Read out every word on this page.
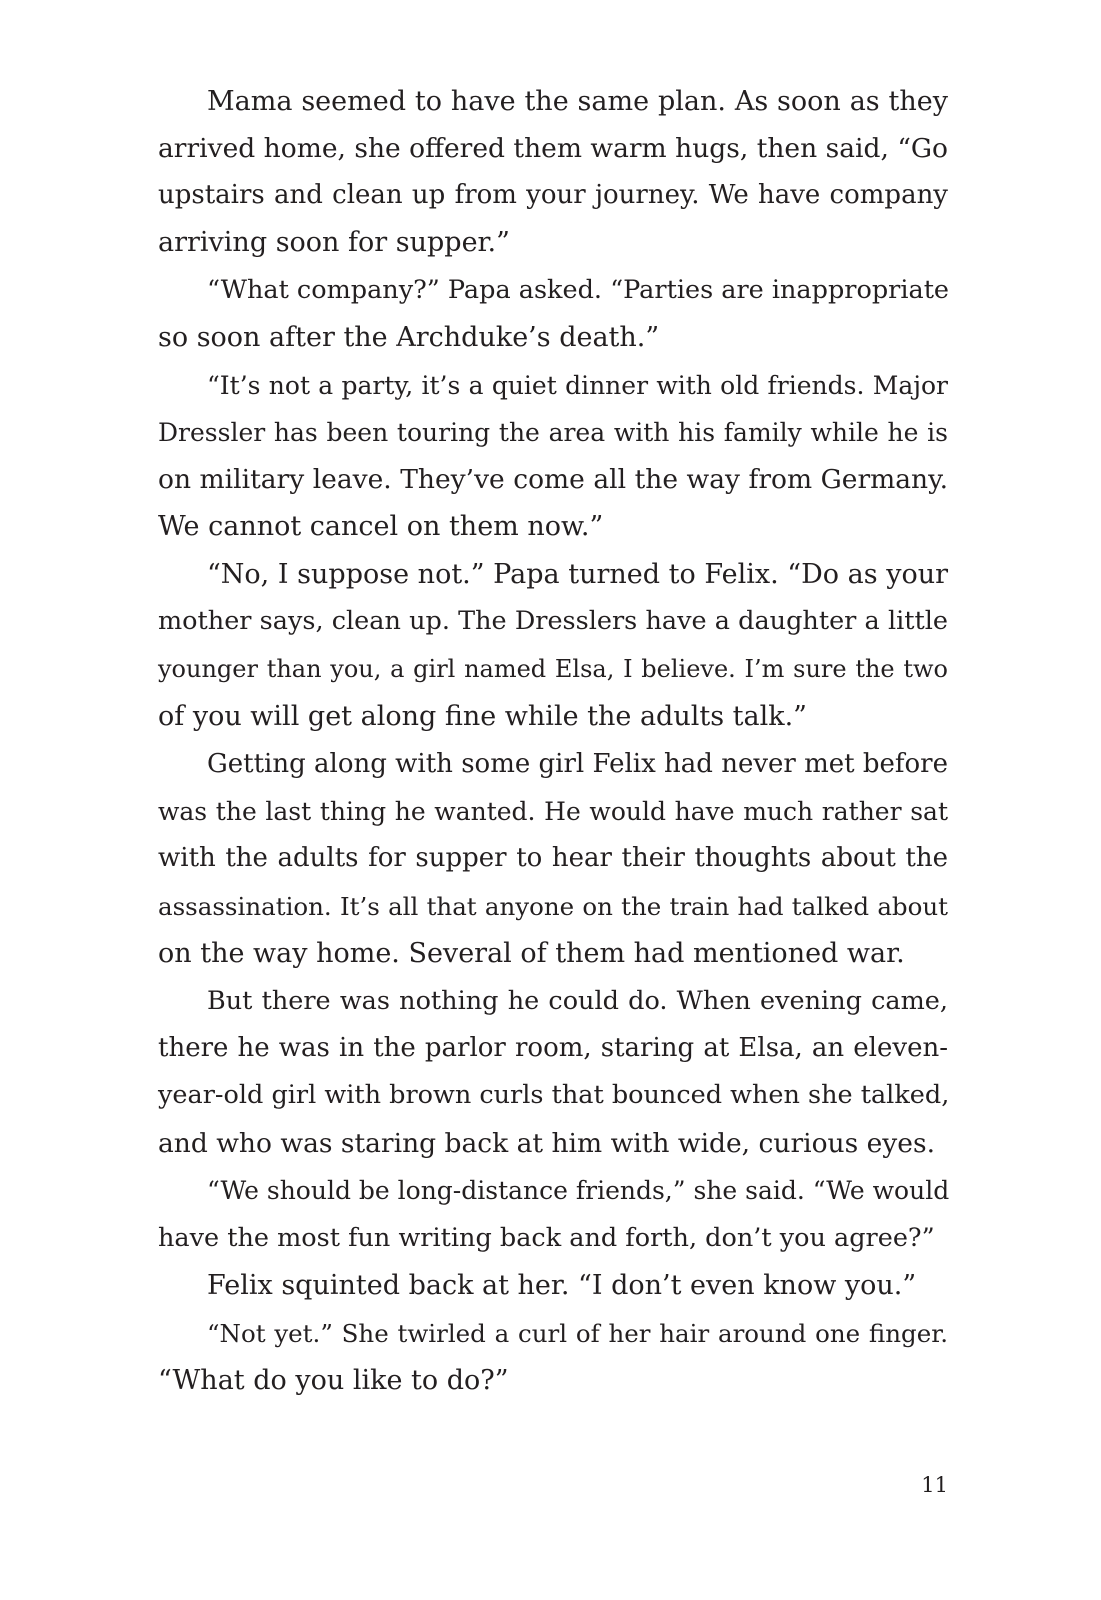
Mama seemed to have the same plan. As soon as they
arrived home, she offered them warm hugs, then said, “Go
upstairs and clean up from your journey. We have company
arriving soon for supper.”
“What company?” Papa asked. “Parties are inappropriate
so soon after the Archduke’s death.”
“It’s not a party, it’s a quiet dinner with old friends. Major
Dressler has been touring the area with his family while he is
on military leave. They’ve come all the way from Germany.
We cannot cancel on them now.”
“No, I suppose not.” Papa turned to Felix. “Do as your
mother says, clean up. The Dresslers have a daughter a little
younger than you, a girl named Elsa, I believe. I’m sure the two
of you will get along fine while the adults talk.”
Getting along with some girl Felix had never met before
was the last thing he wanted. He would have much rather sat
with the adults for supper to hear their thoughts about the
assassination. It’s all that anyone on the train had talked about
on the way home. Several of them had mentioned war.
But there was nothing he could do. When evening came,
there he was in the parlor room, staring at Elsa, an eleven-
year-old girl with brown curls that bounced when she talked,
and who was staring back at him with wide, curious eyes.
“We should be long-distance friends,” she said. “We would
have the most fun writing back and forth, don’t you agree?”
Felix squinted back at her. “I don’t even know you.”
“Not yet.” She twirled a curl of her hair around one finger.
“What do you like to do?”
11
